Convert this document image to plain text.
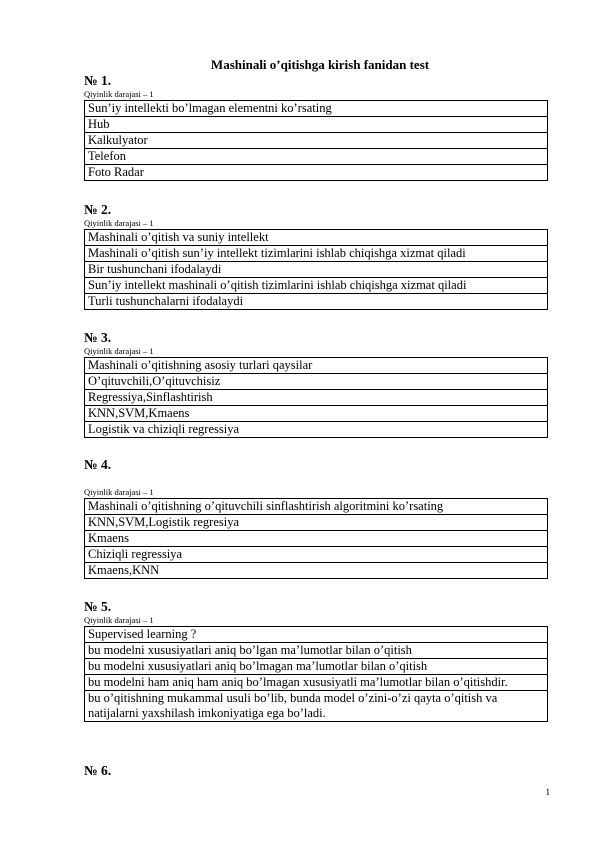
Mashinali o’qitishga kirish fanidan test
№ 1.
Qiyinlik darajasi – 1
Sun’iy intellekti bo’lmagan elementni ko’rsating
Hub
Kalkulyator
Telefon
Foto Radar
№ 2.
Qiyinlik darajasi – 1
Mashinali o’qitish va suniy intellekt
Mashinali o’qitish sun’iy intellekt tizimlarini ishlab chiqishga xizmat qiladi
Bir tushunchani ifodalaydi
Sun’iy intellekt mashinali o’qitish tizimlarini ishlab chiqishga xizmat qiladi
Turli tushunchalarni ifodalaydi
№ 3.
Qiyinlik darajasi – 1
Mashinali o’qitishning asosiy turlari qaysilar
O’qituvchili,O’qituvchisiz
Regressiya,Sinflashtirish
KNN,SVM,Kmaens
Logistik va chiziqli regressiya
№ 4.
Qiyinlik darajasi – 1
Mashinali o’qitishning o’qituvchili sinflashtirish algoritmini ko’rsating
KNN,SVM,Logistik regresiya
Kmaens
Chiziqli regressiya
Kmaens,KNN
№ 5.
Qiyinlik darajasi – 1
Supervised learning ?
bu modelni xususiyatlari aniq bo’lgan ma’lumotlar bilan o’qitish
bu modelni xususiyatlari aniq bo’lmagan ma’lumotlar bilan o’qitish
bu modelni ham aniq ham aniq bo’lmagan xususiyatli ma’lumotlar bilan o’qitishdir.
bu o’qitishning mukammal usuli bo’lib, bunda model o’zini-o’zi qayta o’qitish va natijalarni yaxshilash imkoniyatiga ega bo’ladi.
№ 6.
1
